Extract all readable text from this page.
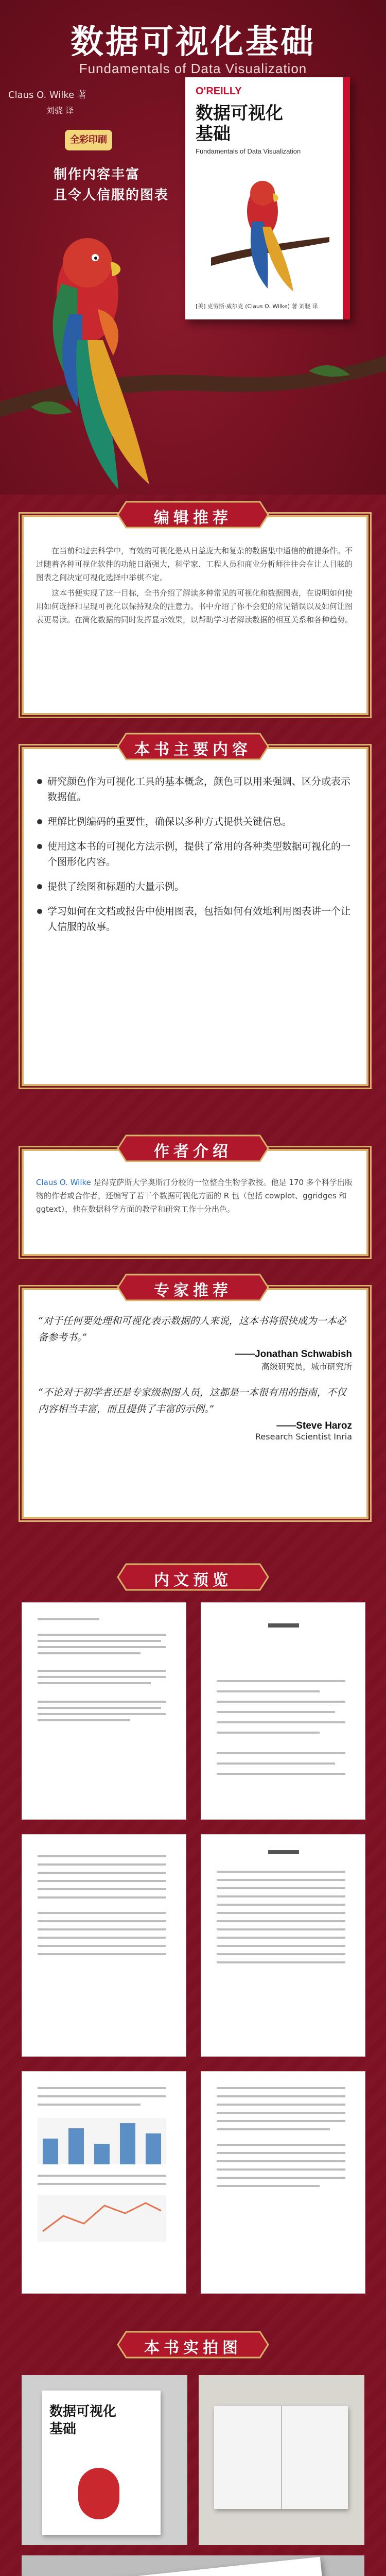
数据可视化基础
Fundamentals of Data Visualization
Claus O. Wilke 著
刘骁 译
全彩印刷
制作内容丰富
且令人信服的图表
O'REILLY
数据可视化
基础
Fundamentals of Data Visualization
[美] 克劳斯·威尔克 (Claus O. Wilke) 著 刘骁 译

在当前和过去科学中，有效的可视化是从日益庞大和复杂的数据集中通信的前提条件。不过随着各种可视化软件的功能日渐强大，科学家、工程人员和商业分析师往往会在让人目眩的图表之间决定可视化选择中举棋不定。

这本书便实现了这一目标，全书介绍了解读多种常见的可视化和数据图表，在说明如何使用如何选择和呈现可视化以保持观众的注意力。书中介绍了你不会犯的常见错误以及如何让图表更易读。在简化数据的同时发挥显示效果，以帮助学习者解读数据的相互关系和各种趋势。

编辑推荐
研究颜色作为可视化工具的基本概念，颜色可以用来强调、区分或表示数据值。
理解比例编码的重要性，确保以多种方式提供关键信息。
使用这本书的可视化方法示例，提供了常用的各种类型数据可视化的一个图形化内容。
提供了绘图和标题的大量示例。
学习如何在文档或报告中使用图表，包括如何有效地利用图表讲一个让人信服的故事。
本书主要内容
Claus O. Wilke 是得克萨斯大学奥斯汀分校的一位整合生物学教授。他是 170 多个科学出版物的作者或合作者，还编写了若干个数据可视化方面的 R 包（包括 cowplot、ggridges 和 ggtext），他在数据科学方面的教学和研究工作十分出色。
作者介绍

“对于任何要处理和可视化表示数据的人来说，这本书将很快成为一本必备参考书。”

——Jonathan Schwabish
高级研究员，城市研究所

“不论对于初学者还是专家级制图人员，这都是一本很有用的指南，不仅内容相当丰富，而且提供了丰富的示例。”

——Steve Haroz
Research Scientist Inria
专家推荐
内文预览
本书实拍图
数据可视化
基础
